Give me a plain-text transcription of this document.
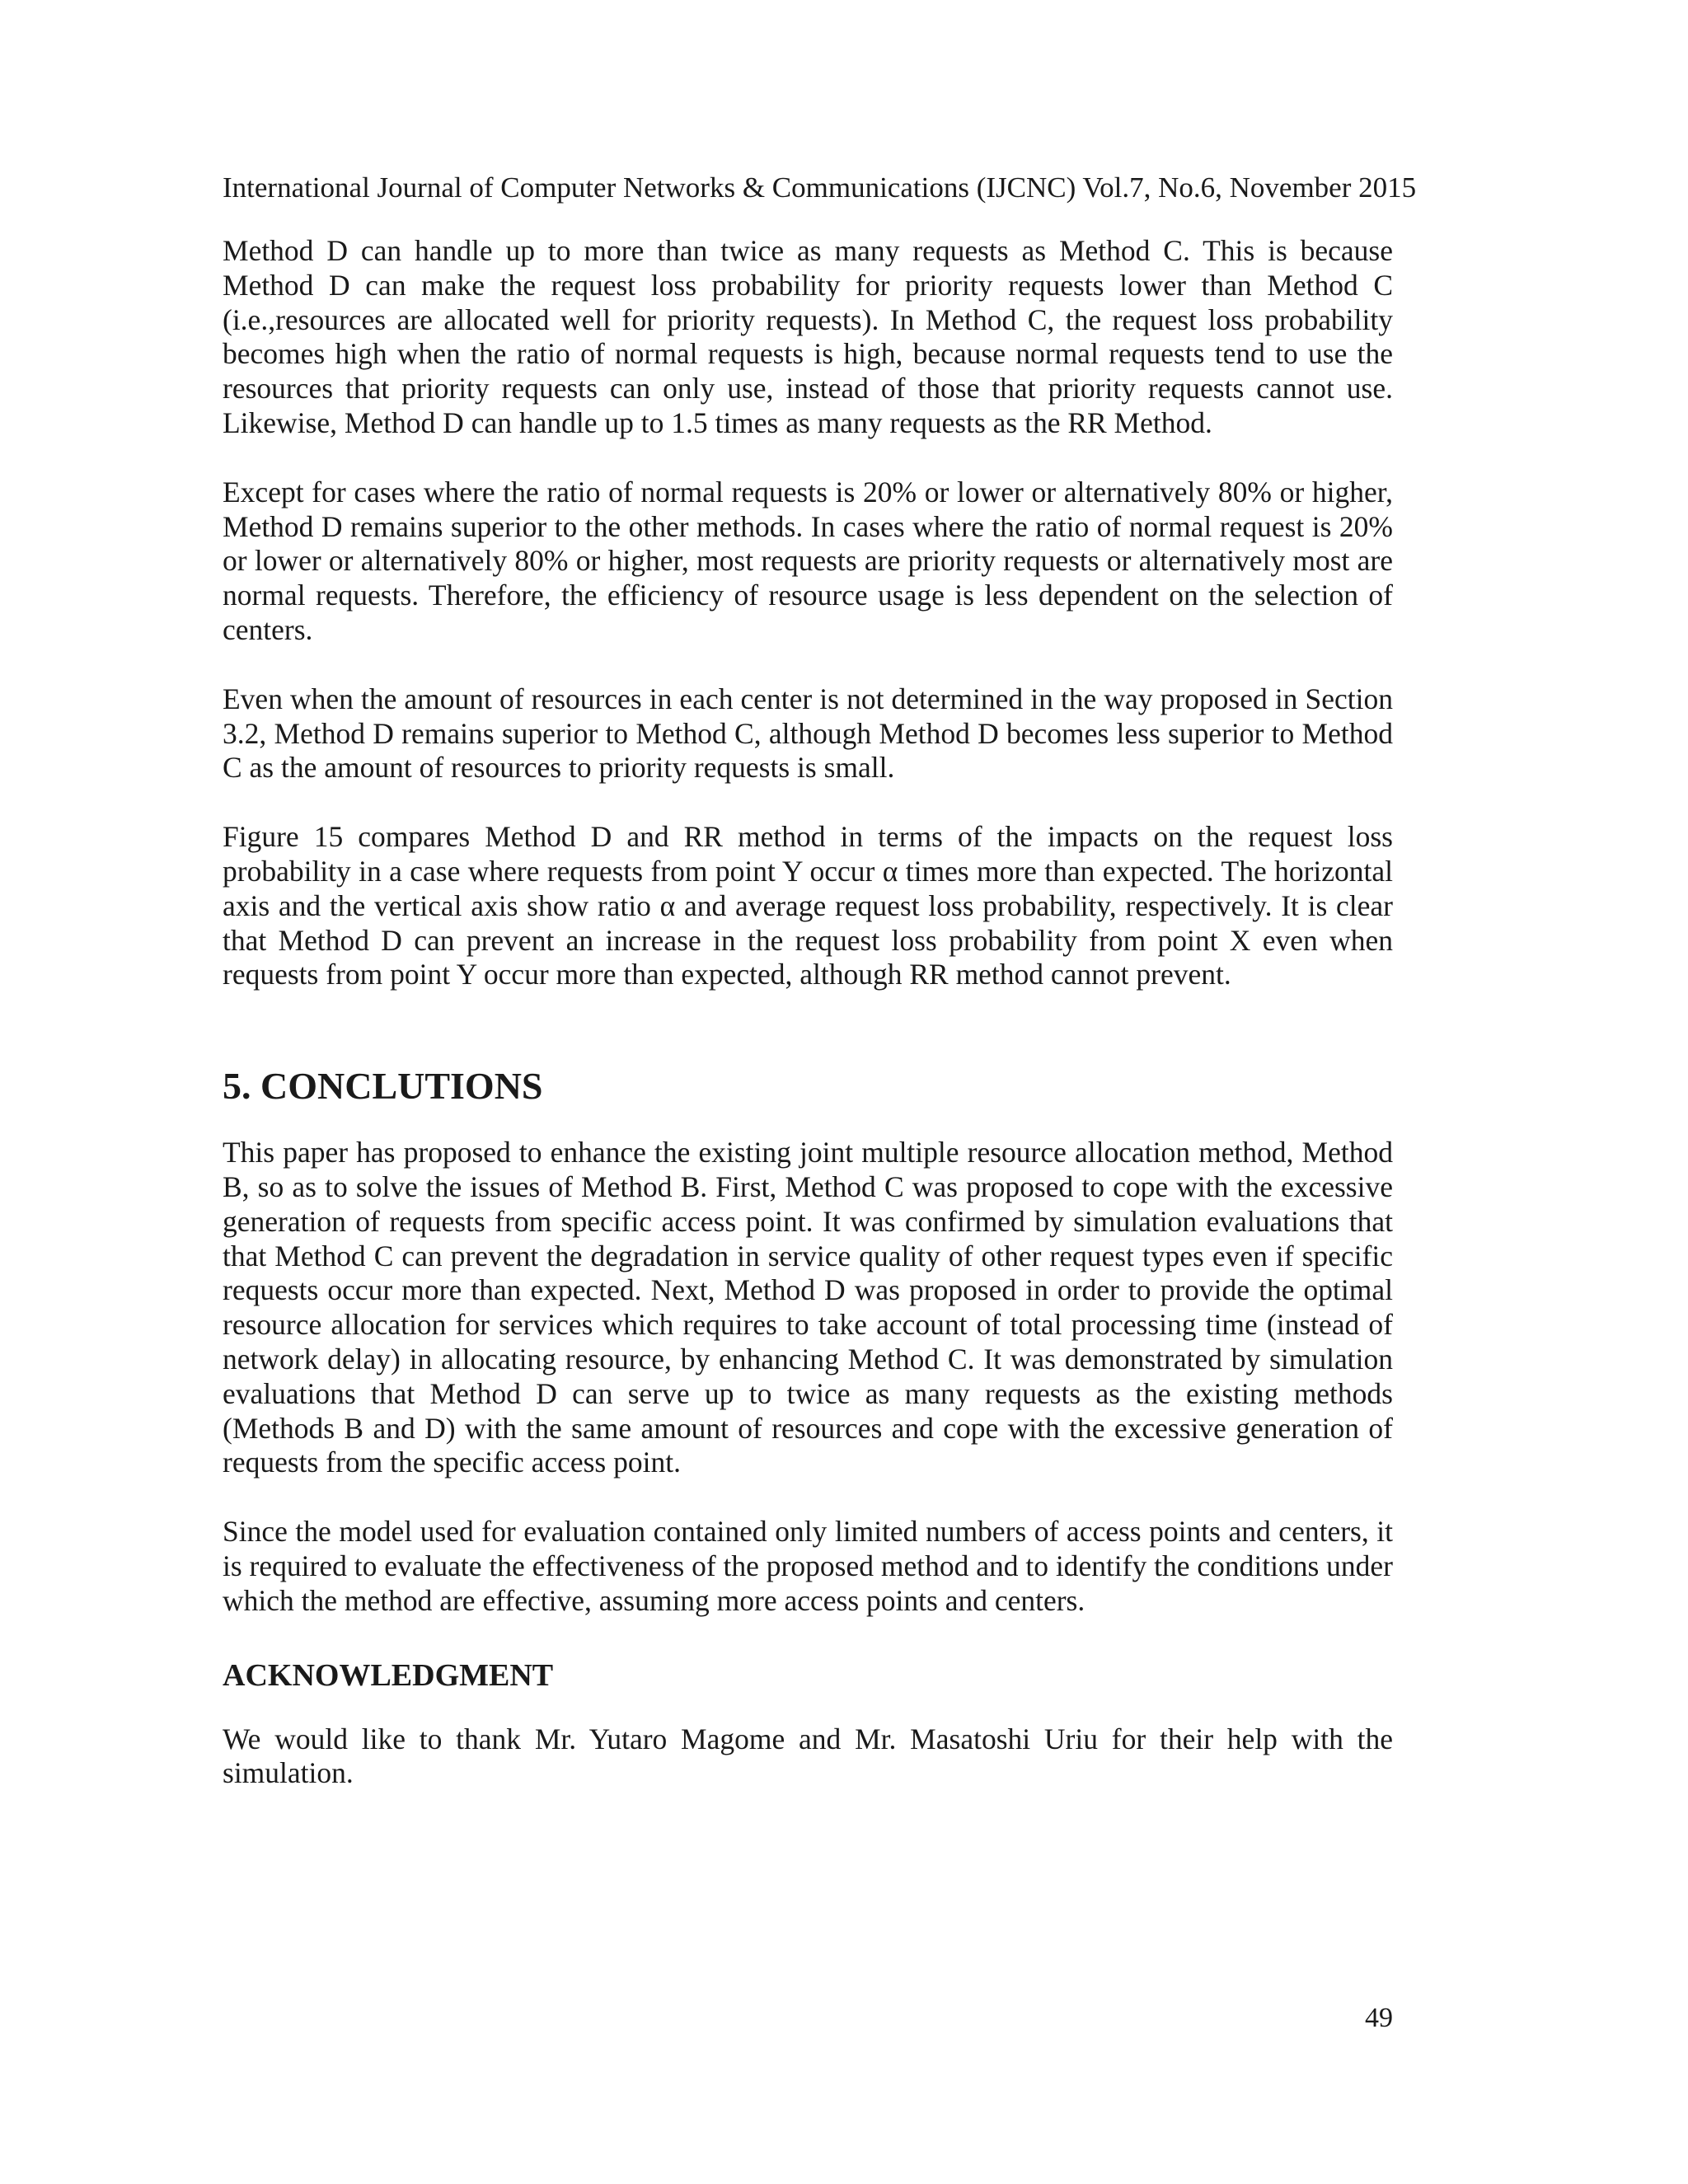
International Journal of Computer Networks & Communications (IJCNC) Vol.7, No.6, November 2015

Method D can handle up to more than twice as many requests as Method C. This is because Method D can make the request loss probability for priority requests lower than Method C (i.e.,resources are allocated well for priority requests). In Method C, the request loss probability becomes high when the ratio of normal requests is high, because normal requests tend to use the resources that priority requests can only use, instead of those that priority requests cannot use. Likewise, Method D can handle up to 1.5 times as many requests as the RR Method.

Except for cases where the ratio of normal requests is 20% or lower or alternatively 80% or higher, Method D remains superior to the other methods. In cases where the ratio of normal request is 20% or lower or alternatively 80% or higher, most requests are priority requests or alternatively most are normal requests. Therefore, the efficiency of resource usage is less dependent on the selection of centers.

Even when the amount of resources in each center is not determined in the way proposed in Section 3.2, Method D remains superior to Method C, although Method D becomes less superior to Method C as the amount of resources to priority requests is small.

Figure 15 compares Method D and RR method in terms of the impacts on the request loss probability in a case where requests from point Y occur α times more than expected. The horizontal axis and the vertical axis show ratio α and average request loss probability, respectively. It is clear that Method D can prevent an increase in the request loss probability from point X even when requests from point Y occur more than expected, although RR method cannot prevent.

5. CONCLUTIONS

This paper has proposed to enhance the existing joint multiple resource allocation method, Method B, so as to solve the issues of Method B. First, Method C was proposed to cope with the excessive generation of requests from specific access point. It was confirmed by simulation evaluations that that Method C can prevent the degradation in service quality of other request types even if specific requests occur more than expected. Next, Method D was proposed in order to provide the optimal resource allocation for services which requires to take account of total processing time (instead of network delay) in allocating resource, by enhancing Method C. It was demonstrated by simulation evaluations that Method D can serve up to twice as many requests as the existing methods (Methods B and D) with the same amount of resources and cope with the excessive generation of requests from the specific access point.

Since the model used for evaluation contained only limited numbers of access points and centers, it is required to evaluate the effectiveness of the proposed method and to identify the conditions under which the method are effective, assuming more access points and centers.

ACKNOWLEDGMENT

We would like to thank Mr. Yutaro Magome and Mr. Masatoshi Uriu for their help with the simulation.

49
